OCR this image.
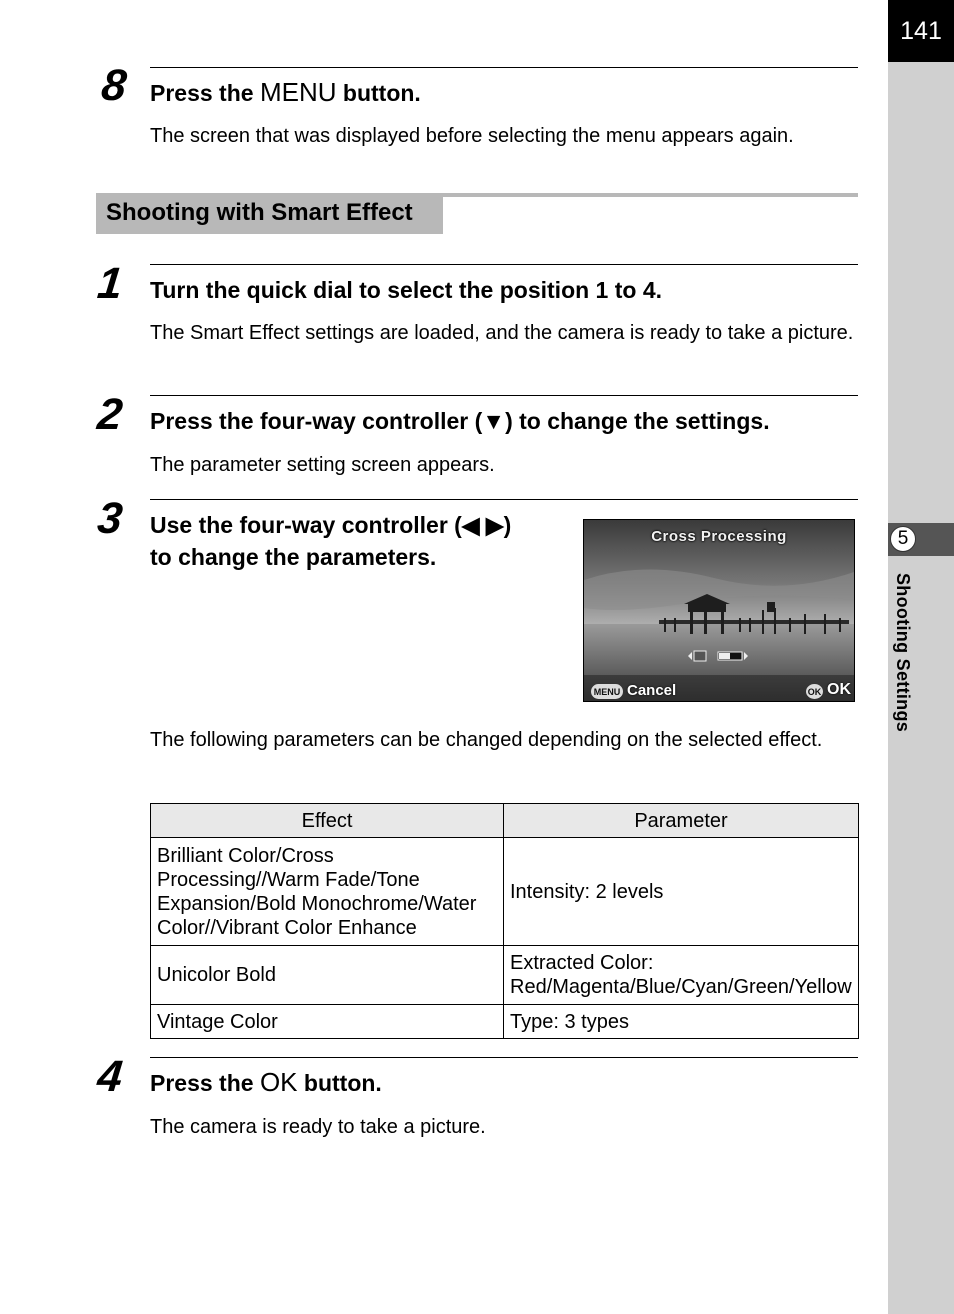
141
5
Shooting Settings
8 Press the MENU button.
The screen that was displayed before selecting the menu appears again.
Shooting with Smart Effect
1 Turn the quick dial to select the position 1 to 4.
The Smart Effect settings are loaded, and the camera is ready to take a picture.
2 Press the four-way controller (▼) to change the settings.
The parameter setting screen appears.
3 Use the four-way controller (◀ ▶)
to change the parameters.
Cross Processing
MENU Cancel	OK OK
The following parameters can be changed depending on the selected effect.
Effect	Parameter
Brilliant Color/Cross Processing//Warm Fade/Tone Expansion/Bold Monochrome/Water Color//Vibrant Color Enhance	Intensity: 2 levels
Unicolor Bold	Extracted Color: Red/Magenta/Blue/Cyan/Green/Yellow
Vintage Color	Type: 3 types
4 Press the OK button.
The camera is ready to take a picture.
